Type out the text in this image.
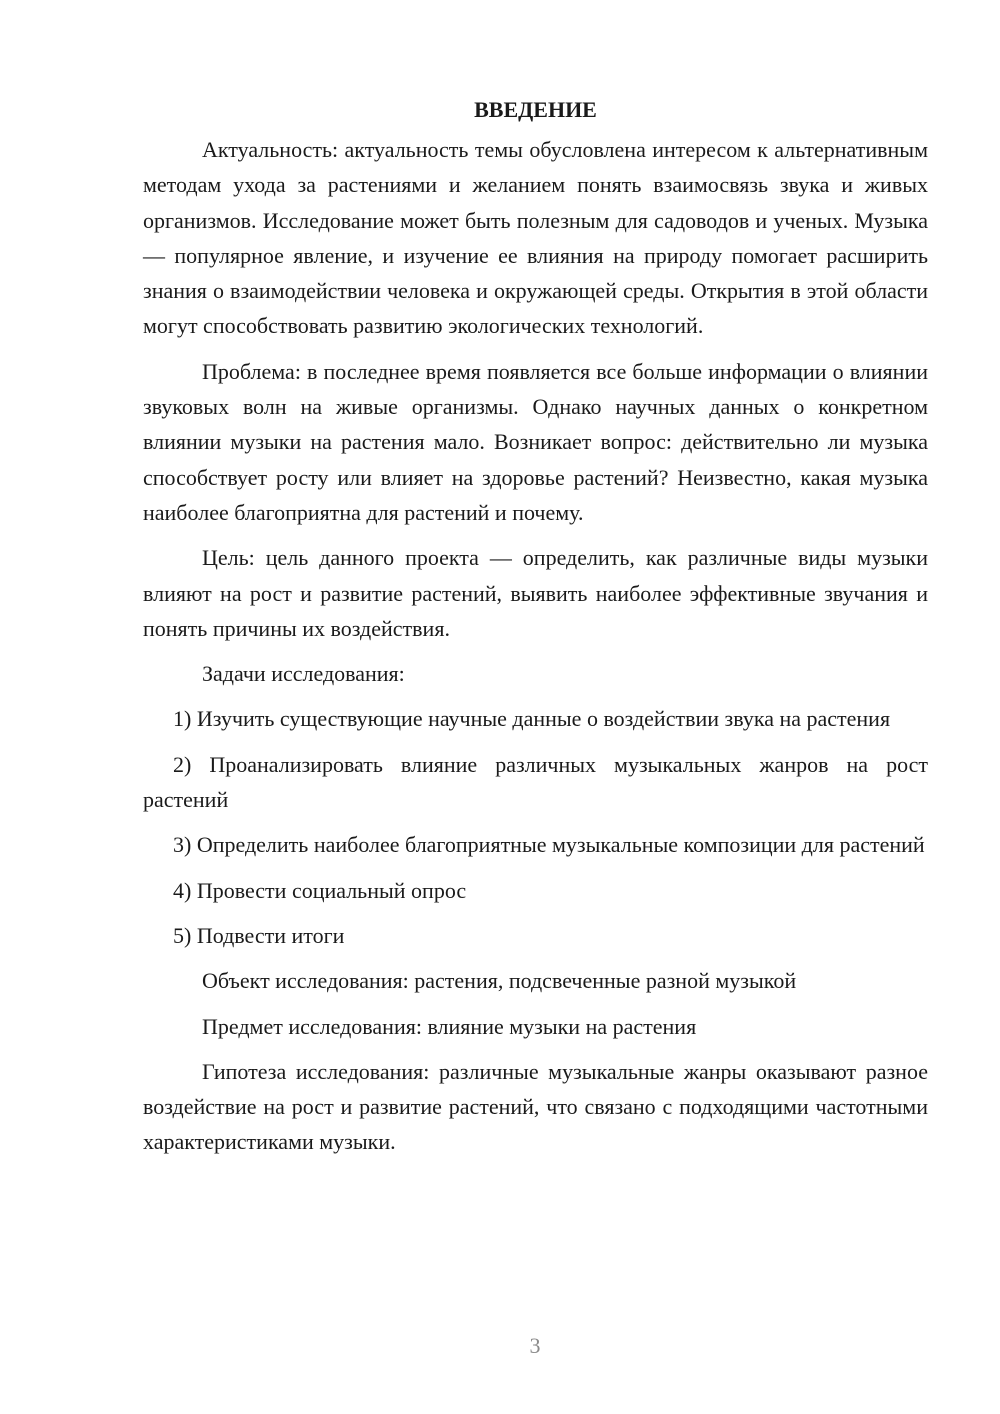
ВВЕДЕНИЕ

Актуальность: актуальность темы обусловлена интересом к альтернативным методам ухода за растениями и желанием понять взаимосвязь звука и живых организмов. Исследование может быть полезным для садоводов и ученых. Музыка — популярное явление, и изучение ее влияния на природу помогает расширить знания о взаимодействии человека и окружающей среды. Открытия в этой области могут способствовать развитию экологических технологий.

Проблема: в последнее время появляется все больше информации о влиянии звуковых волн на живые организмы. Однако научных данных о конкретном влиянии музыки на растения мало. Возникает вопрос: действительно ли музыка способствует росту или влияет на здоровье растений? Неизвестно, какая музыка наиболее благоприятна для растений и почему.

Цель: цель данного проекта — определить, как различные виды музыки влияют на рост и развитие растений, выявить наиболее эффективные звучания и понять причины их воздействия.

Задачи исследования:

1) Изучить существующие научные данные о воздействии звука на растения

2) Проанализировать влияние различных музыкальных жанров на рост растений

3) Определить наиболее благоприятные музыкальные композиции для растений

4) Провести социальный опрос

5) Подвести итоги

Объект исследования: растения, подсвеченные разной музыкой

Предмет исследования: влияние музыки на растения

Гипотеза исследования: различные музыкальные жанры оказывают разное воздействие на рост и развитие растений, что связано с подходящими частотными характеристиками музыки.

3
